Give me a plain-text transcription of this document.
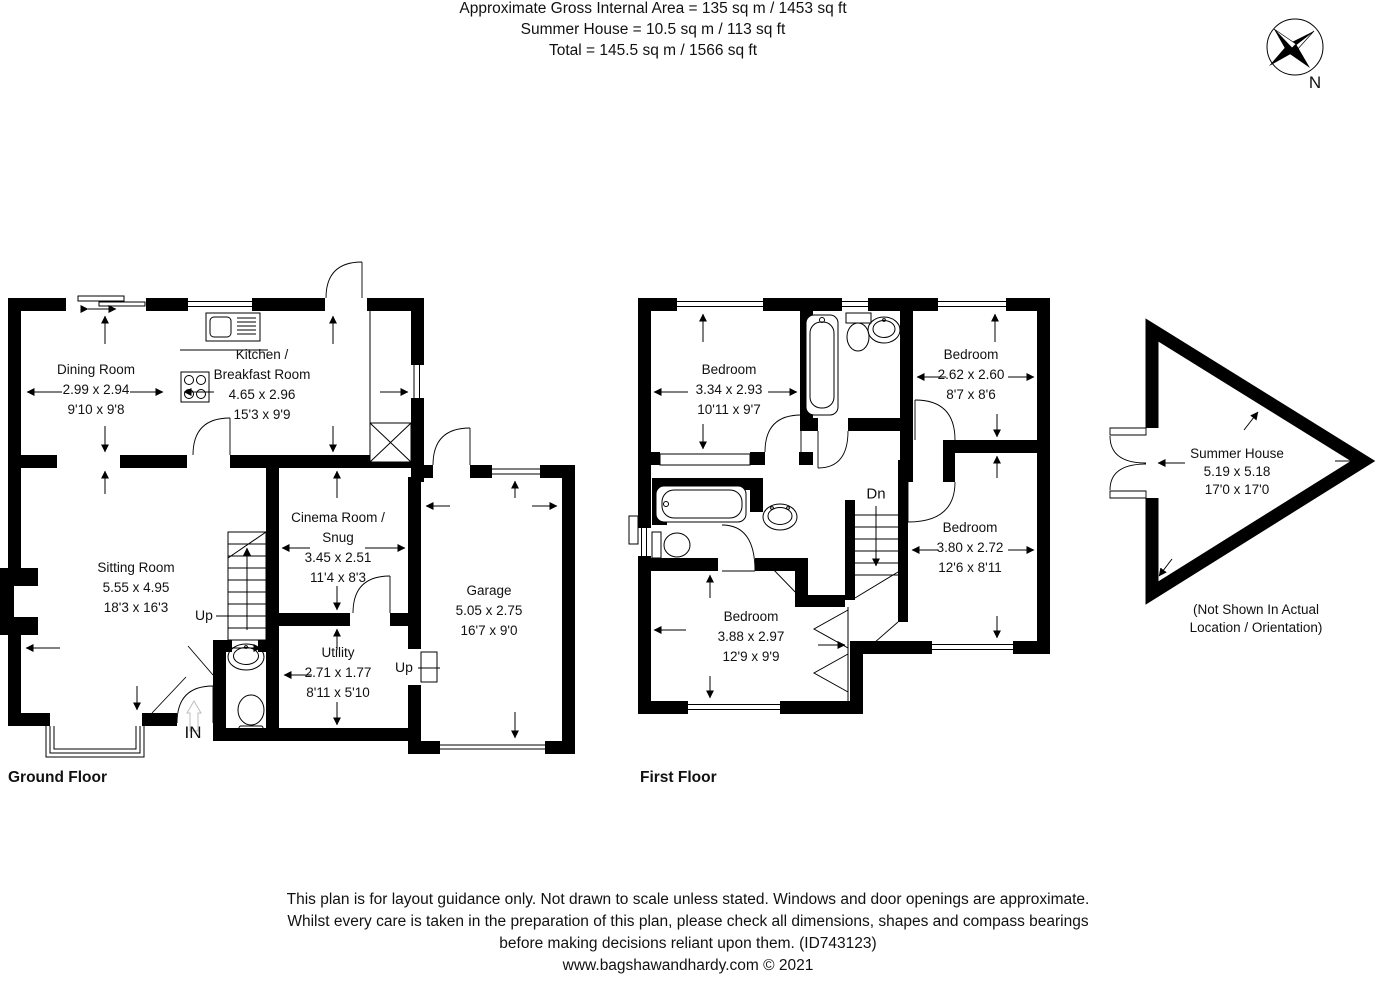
Approximate Gross Internal Area = 135 sq m / 1453 sq ft
Summer House = 10.5 sq m / 113 sq ft
Total = 145.5 sq m / 1566 sq ft
N
Dining Room
2.99 x 2.94
9'10 x 9'8
Kitchen /
Breakfast Room
4.65 x 2.96
15'3 x 9'9
Sitting Room
5.55 x 4.95
18'3 x 16'3
Cinema Room /
Snug
3.45 x 2.51
11'4 x 8'3
Utility
2.71 x 1.77
8'11 x 5'10
Garage
5.05 x 2.75
16'7 x 9'0
Up
Up
IN
Bedroom
3.34 x 2.93
10'11 x 9'7
Bedroom
2.62 x 2.60
8'7 x 8'6
Bedroom
3.80 x 2.72
12'6 x 8'11
Bedroom
3.88 x 2.97
12'9 x 9'9
Dn
Summer House
5.19 x 5.18
17'0 x 17'0
(Not Shown In Actual
Location / Orientation)
Ground Floor	First Floor
This plan is for layout guidance only. Not drawn to scale unless stated. Windows and door openings are approximate.
Whilst every care is taken in the preparation of this plan, please check all dimensions, shapes and compass bearings
before making decisions reliant upon them. (ID743123)
www.bagshawandhardy.com © 2021
